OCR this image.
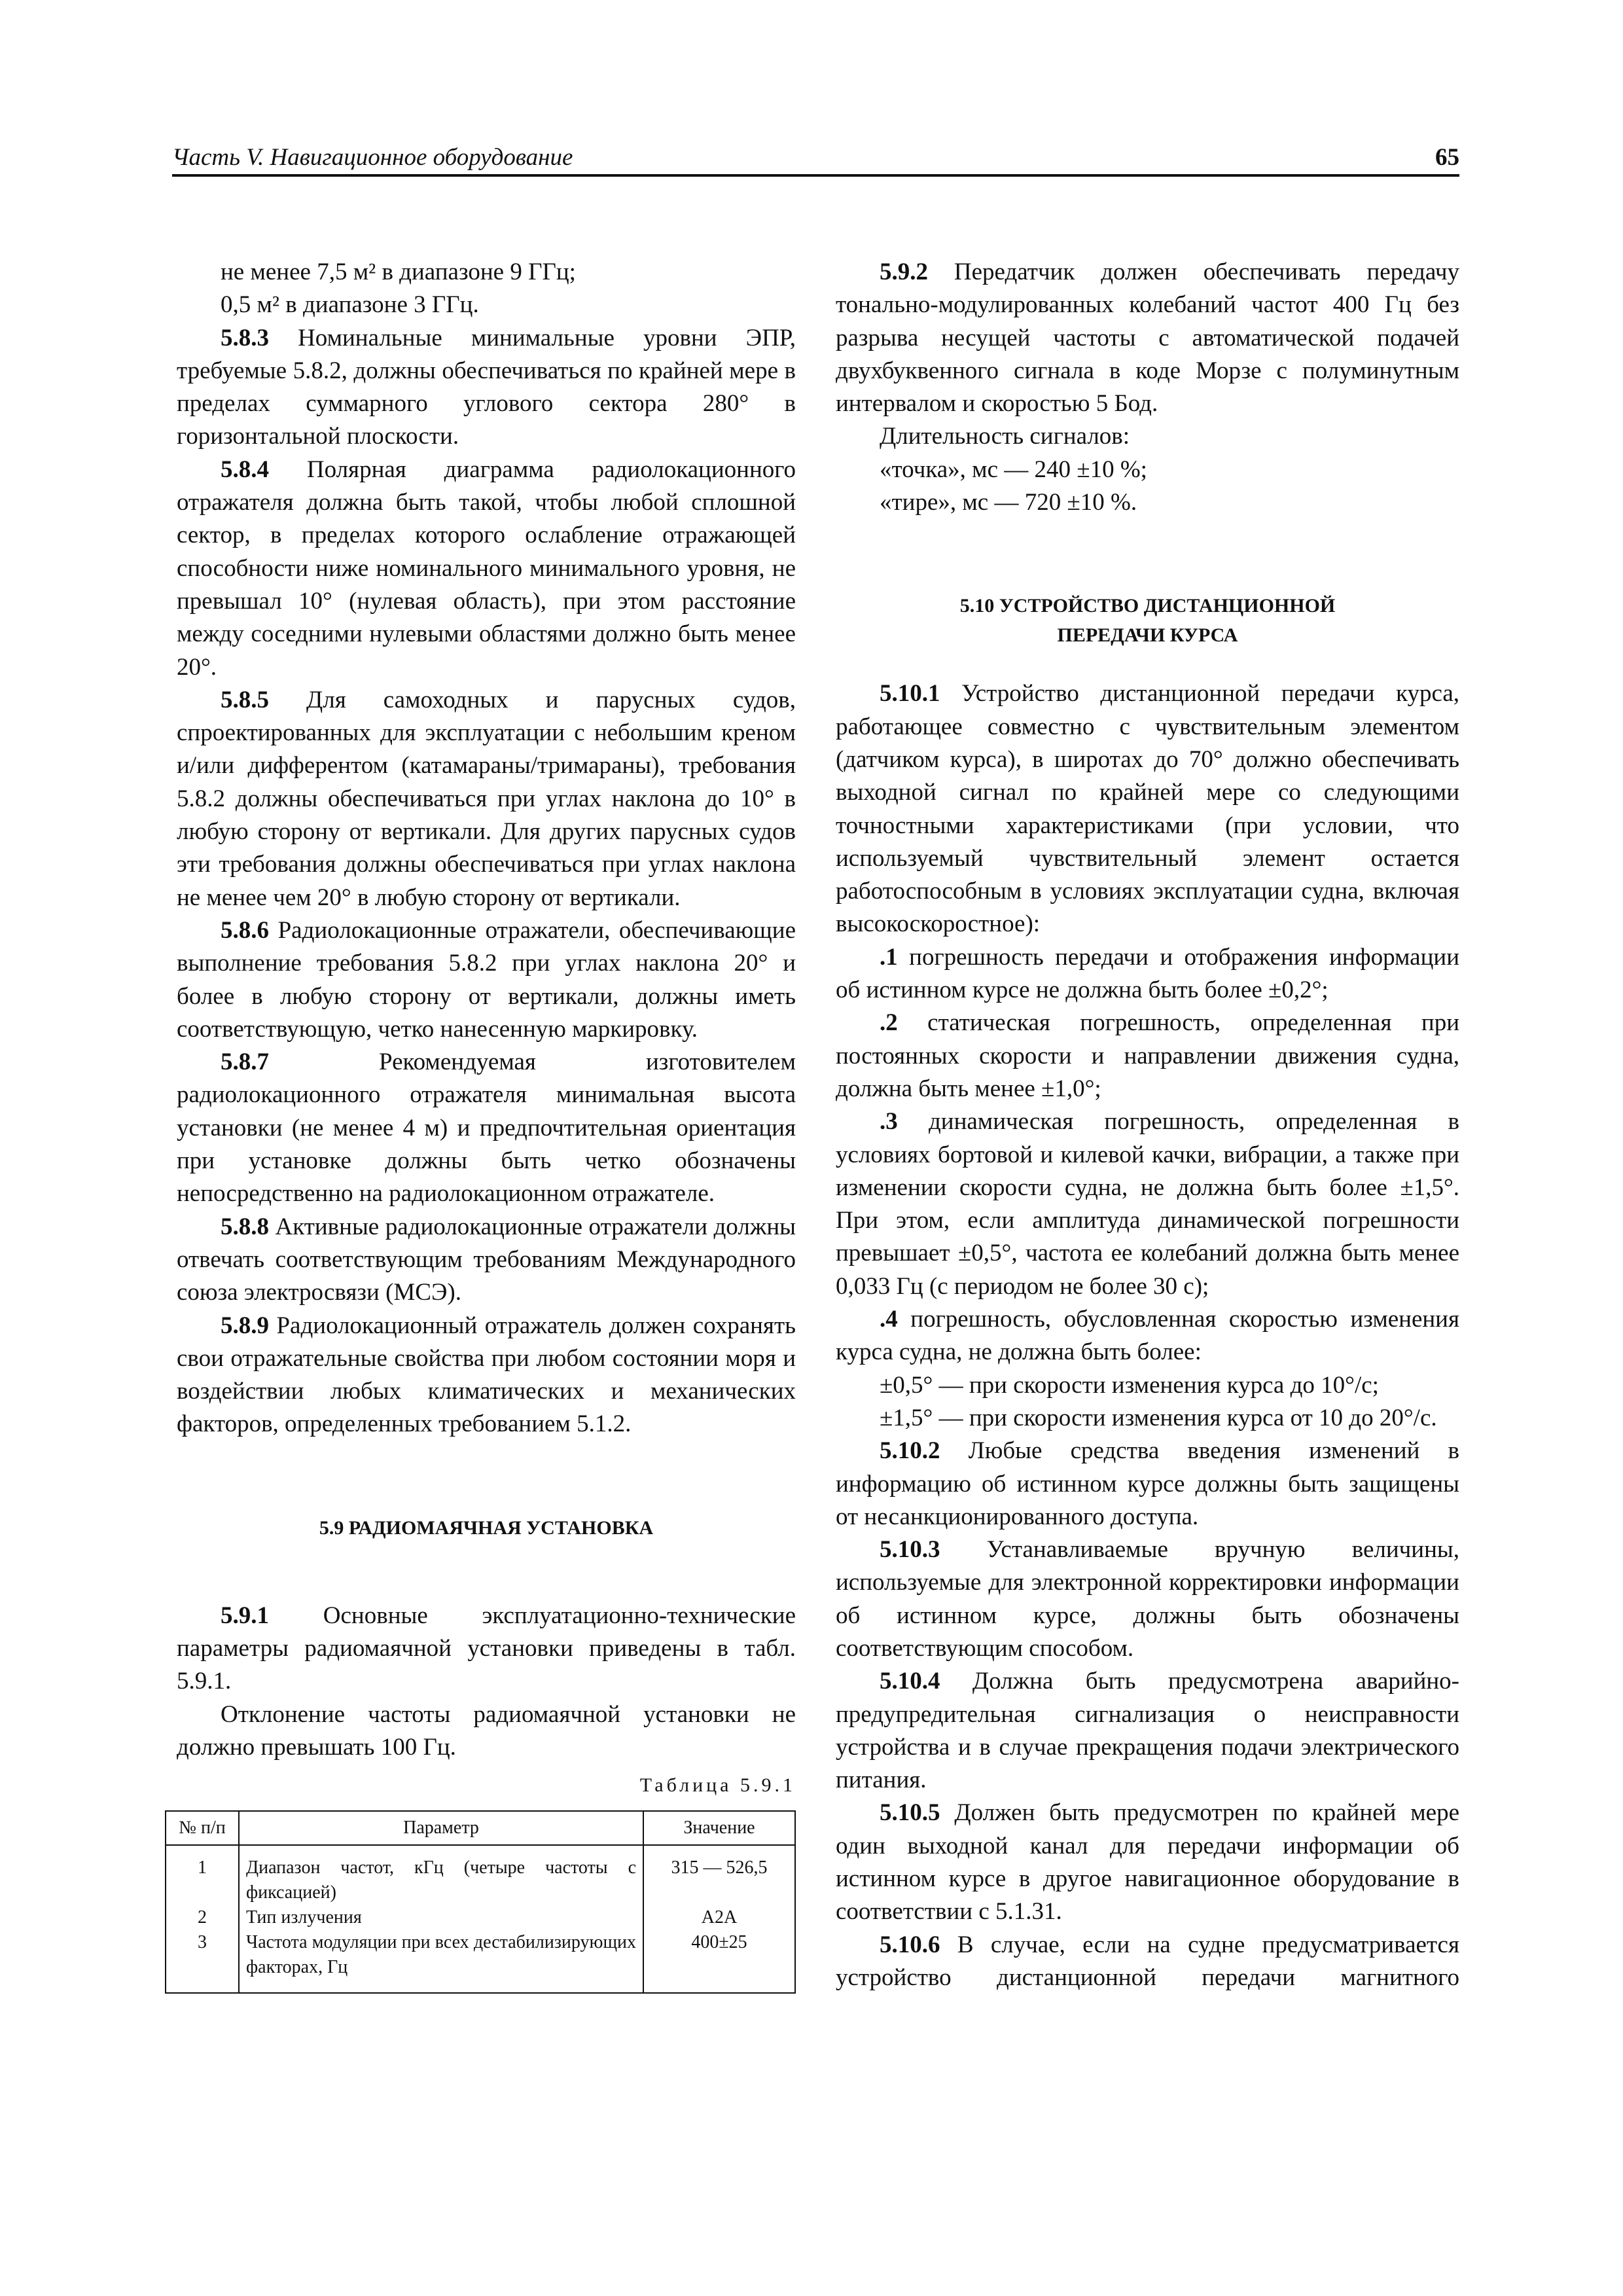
Часть V. Навигационное оборудование	65

не менее 7,5 м² в диапазоне 9 ГГц;

0,5 м² в диапазоне 3 ГГц.

5.8.3 Номинальные минимальные уровни ЭПР, требуемые 5.8.2, должны обеспечиваться по крайней мере в пределах суммарного углового сектора 280° в горизонтальной плоскости.

5.8.4 Полярная диаграмма радиолокационного отражателя должна быть такой, чтобы любой сплошной сектор, в пределах которого ослабление отражающей способности ниже номинального минимального уровня, не превышал 10° (нулевая область), при этом расстояние между соседними нулевыми областями должно быть менее 20°.

5.8.5 Для самоходных и парусных судов, спроектированных для эксплуатации с небольшим креном и/или дифферентом (катамараны/тримараны), требования 5.8.2 должны обеспечиваться при углах наклона до 10° в любую сторону от вертикали. Для других парусных судов эти требования должны обеспечиваться при углах наклона не менее чем 20° в любую сторону от вертикали.

5.8.6 Радиолокационные отражатели, обеспечивающие выполнение требования 5.8.2 при углах наклона 20° и более в любую сторону от вертикали, должны иметь соответствующую, четко нанесенную маркировку.

5.8.7	Рекомендуемая изготовителем радиолокационного отражателя минимальная высота установки (не менее 4 м) и предпочтительная ориентация при установке должны быть четко обозначены непосредственно на радиолокационном отражателе.

5.8.8 Активные радиолокационные отражатели должны отвечать соответствующим требованиям Международного союза электросвязи (МСЭ).

5.8.9 Радиолокационный отражатель должен сохранять свои отражательные свойства при любом состоянии моря и воздействии любых климатических и механических факторов, определенных требованием 5.1.2.

5.9 РАДИОМАЯЧНАЯ УСТАНОВКА

5.9.1 Основные эксплуатационно-технические параметры радиомаячной установки приведены в табл. 5.9.1.

Отклонение частоты радиомаячной установки не должно превышать 100 Гц.

Таблица 5.9.1
№ п/п	Параметр	Значение
1	Диапазон частот, кГц (четыре частоты с фиксацией)	315 — 526,5
2	Тип излучения	A2A
3	Частота модуляции при всех дестабилизирующих факторах, Гц	400±25

5.9.2 Передатчик должен обеспечивать передачу тонально-модулированных колебаний частот 400 Гц без разрыва несущей частоты с автоматической подачей двухбуквенного сигнала в коде Морзе с полуминутным интервалом и скоростью 5 Бод.

Длительность сигналов:

«точка», мс — 240 ±10 %;

«тире», мс — 720 ±10 %.

5.10 УСТРОЙСТВО ДИСТАНЦИОННОЙ ПЕРЕДАЧИ КУРСА

5.10.1 Устройство дистанционной передачи курса, работающее совместно с чувствительным элементом (датчиком курса), в широтах до 70° должно обеспечивать выходной сигнал по крайней мере со следующими точностными характеристиками (при условии, что используемый чувствительный элемент остается работоспособным в условиях эксплуатации судна, включая высокоскоростное):

.1 погрешность передачи и отображения информации об истинном курсе не должна быть более ±0,2°;

.2 статическая погрешность, определенная при постоянных скорости и направлении движения судна, должна быть менее ±1,0°;

.3 динамическая погрешность, определенная в условиях бортовой и килевой качки, вибрации, а также при изменении скорости судна, не должна быть более ±1,5°. При этом, если амплитуда динамической погрешности превышает ±0,5°, частота ее колебаний должна быть менее 0,033 Гц (с периодом не более 30 с);

.4 погрешность, обусловленная скоростью изменения курса судна, не должна быть более:

±0,5° — при скорости изменения курса до 10°/с;

±1,5° — при скорости изменения курса от 10 до 20°/с.

5.10.2 Любые средства введения изменений в информацию об истинном курсе должны быть защищены от несанкционированного доступа.

5.10.3 Устанавливаемые вручную величины, используемые для электронной корректировки информации об истинном курсе, должны быть обозначены соответствующим способом.

5.10.4 Должна быть предусмотрена аварийно-предупредительная сигнализация о неисправности устройства и в случае прекращения подачи электрического питания.

5.10.5 Должен быть предусмотрен по крайней мере один выходной канал для передачи информации об истинном курсе в другое навигационное оборудование в соответствии с 5.1.31.

5.10.6 В случае, если на судне предусматривается устройство дистанционной передачи магнитного
